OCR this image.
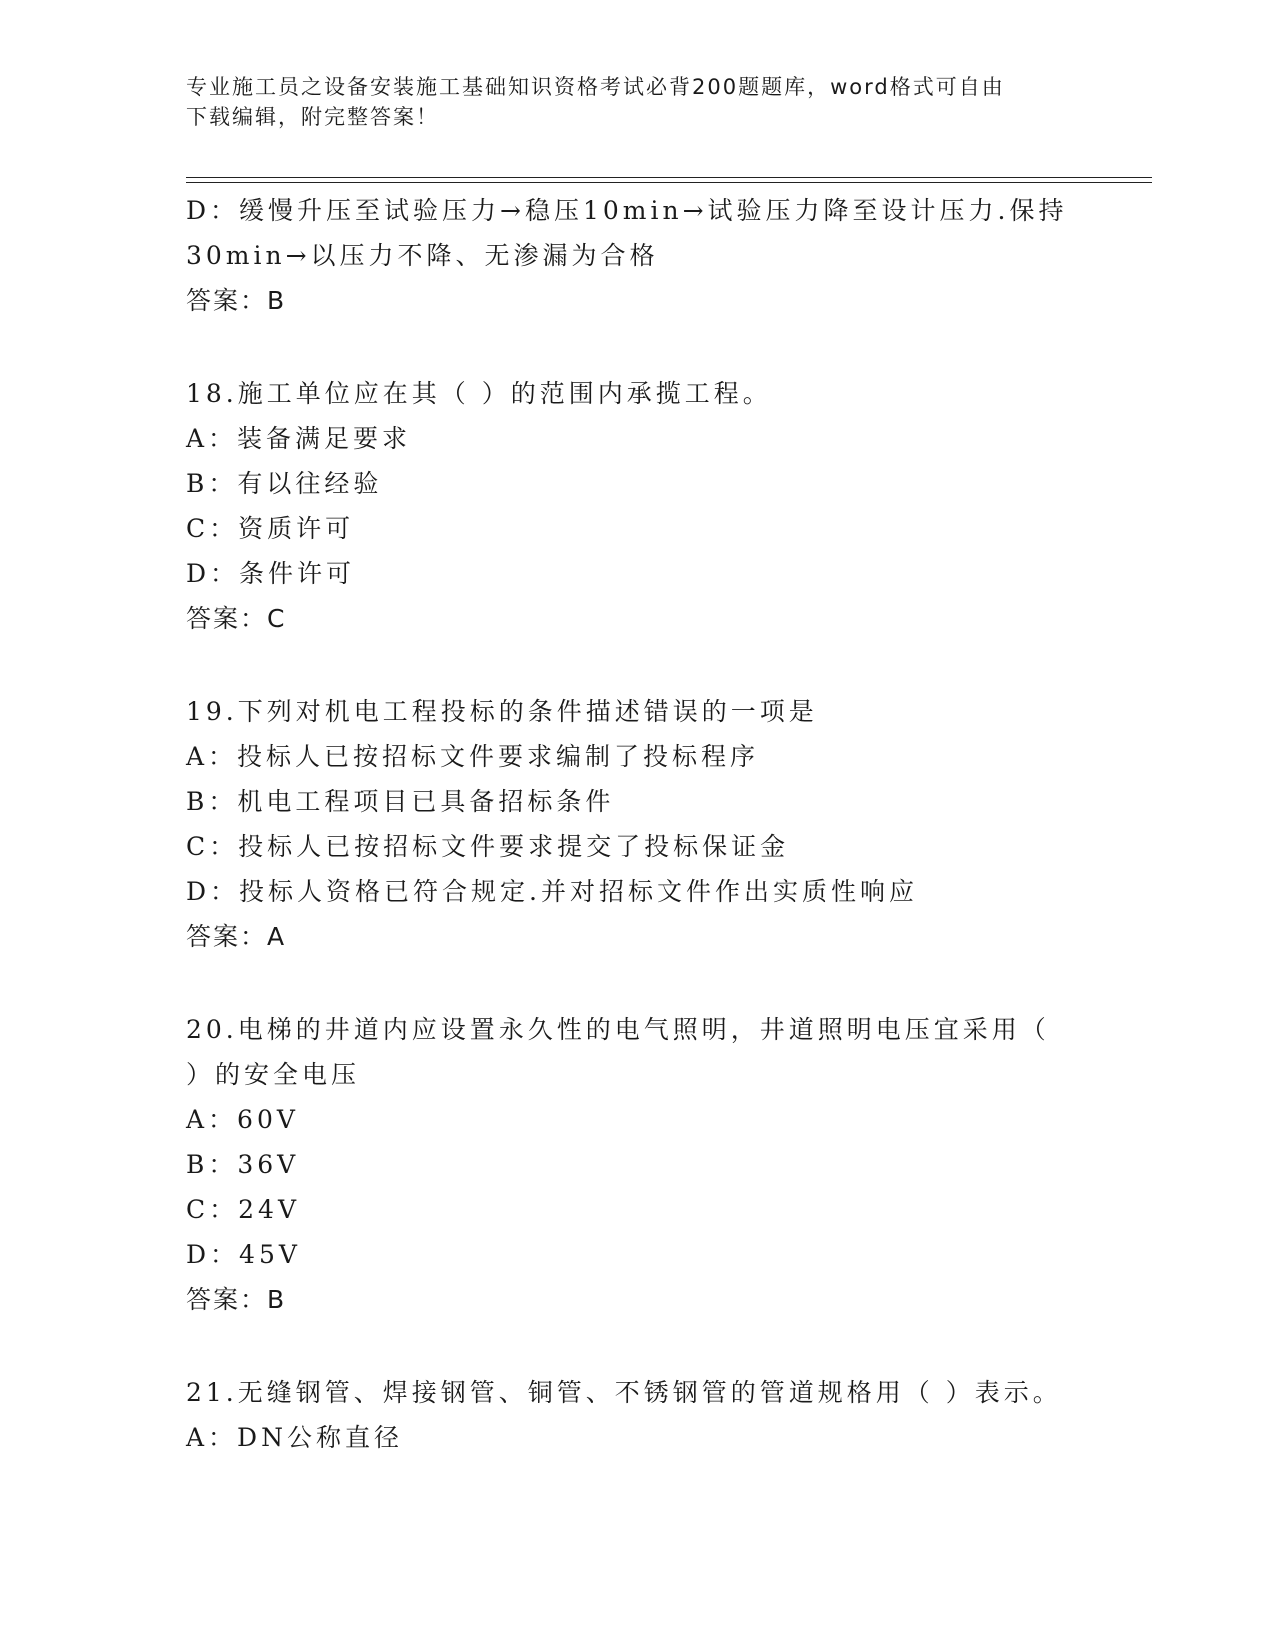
专业施工员之设备安装施工基础知识资格考试必背200题题库，word格式可自由
下载编辑，附完整答案！
D：缓慢升压至试验压力→稳压10min→试验压力降至设计压力.保持
30min→以压力不降、无渗漏为合格
答案：B
18.施工单位应在其（ ）的范围内承揽工程。
A：装备满足要求
B：有以往经验
C：资质许可
D：条件许可
答案：C
19.下列对机电工程投标的条件描述错误的一项是
A：投标人已按招标文件要求编制了投标程序
B：机电工程项目已具备招标条件
C：投标人已按招标文件要求提交了投标保证金
D：投标人资格已符合规定.并对招标文件作出实质性响应
答案：A
20.电梯的井道内应设置永久性的电气照明，井道照明电压宜采用（
）的安全电压
A：60V
B：36V
C：24V
D：45V
答案：B
21.无缝钢管、焊接钢管、铜管、不锈钢管的管道规格用（ ）表示。
A：DN公称直径
